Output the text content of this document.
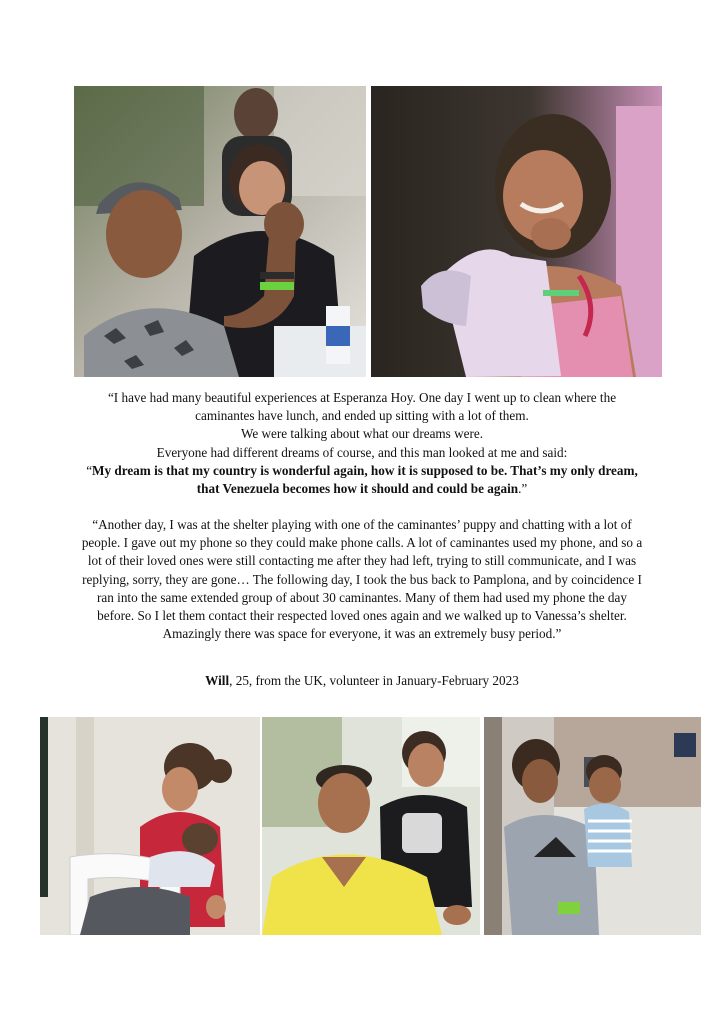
“I have had many beautiful experiences at Esperanza Hoy. One day I went up to clean where the caminantes have lunch, and ended up sitting with a lot of them.
We were talking about what our dreams were.
Everyone had different dreams of course, and this man looked at me and said:
“My dream is that my country is wonderful again, how it is supposed to be. That’s my only dream, that Venezuela becomes how it should and could be again.”
“Another day, I was at the shelter playing with one of the caminantes’ puppy and chatting with a lot of people. I gave out my phone so they could make phone calls. A lot of caminantes used my phone, and so a lot of their loved ones were still contacting me after they had left, trying to still communicate, and I was replying, sorry, they are gone… The following day, I took the bus back to Pamplona, and by coincidence I ran into the same extended group of about 30 caminantes. Many of them had used my phone the day before. So I let them contact their respected loved ones again and we walked up to Vanessa’s shelter. Amazingly there was space for everyone, it was an extremely busy period.”
Will, 25, from the UK, volunteer in January-February 2023
